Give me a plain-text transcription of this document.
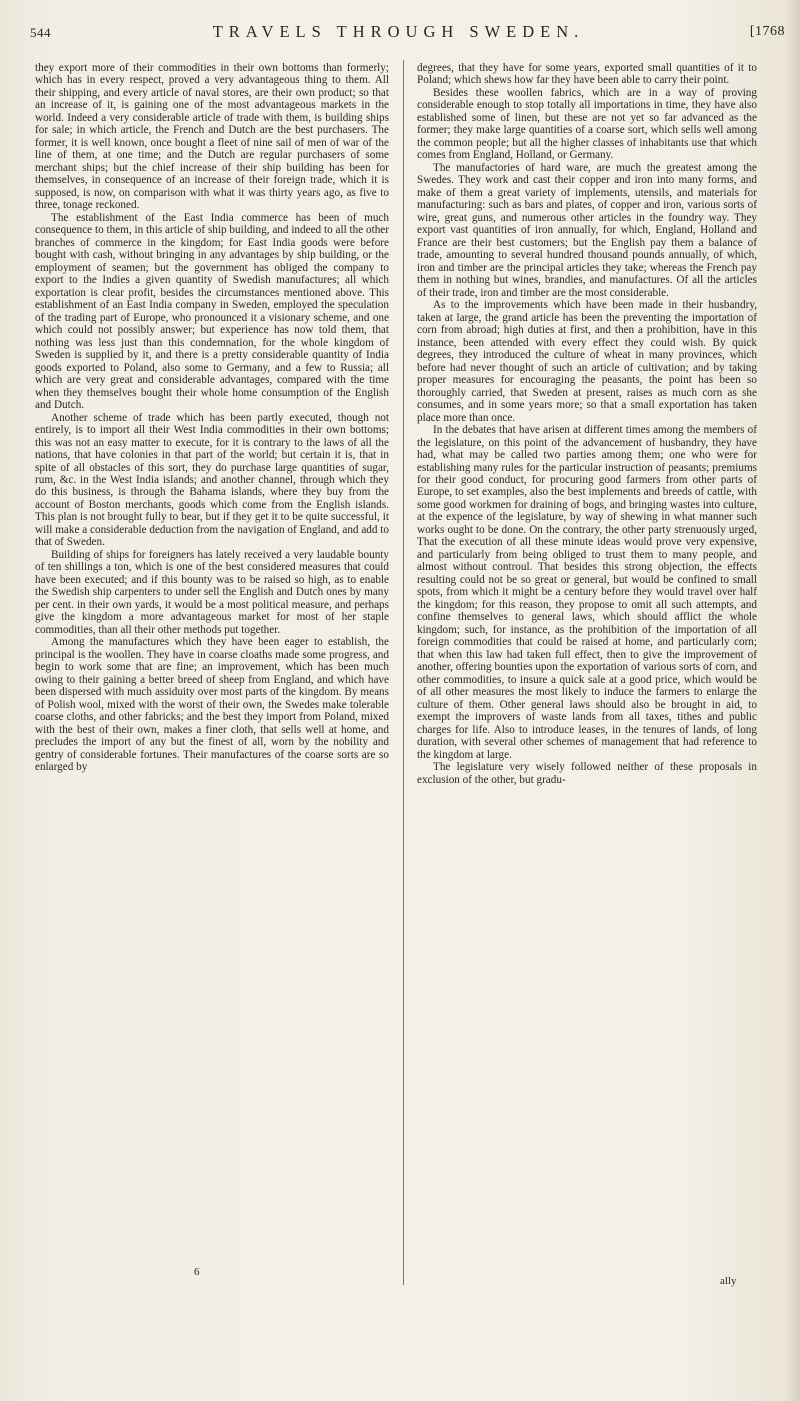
544	TRAVELS THROUGH SWEDEN.	[1768

they export more of their commodities in their own bottoms than formerly; which has in every respect, proved a very advantageous thing to them. All their shipping, and every article of naval stores, are their own product; so that an increase of it, is gaining one of the most advantageous markets in the world. Indeed a very considerable article of trade with them, is building ships for sale; in which article, the French and Dutch are the best purchasers. The former, it is well known, once bought a fleet of nine sail of men of war of the line of them, at one time; and the Dutch are regular purchasers of some merchant ships; but the chief increase of their ship building has been for themselves, in consequence of an increase of their foreign trade, which it is supposed, is now, on comparison with what it was thirty years ago, as five to three, tonage reckoned.

The establishment of the East India commerce has been of much consequence to them, in this article of ship building, and indeed to all the other branches of commerce in the kingdom; for East India goods were before bought with cash, without bringing in any advantages by ship building, or the employment of seamen; but the government has obliged the company to export to the Indies a given quantity of Swedish manufactures; all which exportation is clear profit, besides the circumstances mentioned above. This establishment of an East India company in Sweden, employed the speculation of the trading part of Europe, who pronounced it a visionary scheme, and one which could not possibly answer; but experience has now told them, that nothing was less just than this condemnation, for the whole kingdom of Sweden is supplied by it, and there is a pretty considerable quantity of India goods exported to Poland, also some to Germany, and a few to Russia; all which are very great and considerable advantages, compared with the time when they themselves bought their whole home consumption of the English and Dutch.

Another scheme of trade which has been partly executed, though not entirely, is to import all their West India commodities in their own bottoms; this was not an easy matter to execute, for it is contrary to the laws of all the nations, that have colonies in that part of the world; but certain it is, that in spite of all obstacles of this sort, they do purchase large quantities of sugar, rum, &c. in the West India islands; and another channel, through which they do this business, is through the Bahama islands, where they buy from the account of Boston merchants, goods which come from the English islands. This plan is not brought fully to bear, but if they get it to be quite successful, it will make a considerable deduction from the navigation of England, and add to that of Sweden.

Building of ships for foreigners has lately received a very laudable bounty of ten shillings a ton, which is one of the best considered measures that could have been executed; and if this bounty was to be raised so high, as to enable the Swedish ship carpenters to under sell the English and Dutch ones by many per cent. in their own yards, it would be a most political measure, and perhaps give the kingdom a more advantageous market for most of her staple commodities, than all their other methods put together.

Among the manufactures which they have been eager to establish, the principal is the woollen. They have in coarse cloaths made some progress, and begin to work some that are fine; an improvement, which has been much owing to their gaining a better breed of sheep from England, and which have been dispersed with much assiduity over most parts of the kingdom. By means of Polish wool, mixed with the worst of their own, the Swedes make tolerable coarse cloths, and other fabricks; and the best they import from Poland, mixed with the best of their own, makes a finer cloth, that sells well at home, and precludes the import of any but the finest of all, worn by the nobility and gentry of considerable fortunes. Their manufactures of the coarse sorts are so enlarged by

degrees, that they have for some years, exported small quantities of it to Poland; which shews how far they have been able to carry their point.

Besides these woollen fabrics, which are in a way of proving considerable enough to stop totally all importations in time, they have also established some of linen, but these are not yet so far advanced as the former; they make large quantities of a coarse sort, which sells well among the common people; but all the higher classes of inhabitants use that which comes from England, Holland, or Germany.

The manufactories of hard ware, are much the greatest among the Swedes. They work and cast their copper and iron into many forms, and make of them a great variety of implements, utensils, and materials for manufacturing: such as bars and plates, of copper and iron, various sorts of wire, great guns, and numerous other articles in the foundry way. They export vast quantities of iron annually, for which, England, Holland and France are their best customers; but the English pay them a balance of trade, amounting to several hundred thousand pounds annually, of which, iron and timber are the principal articles they take; whereas the French pay them in nothing but wines, brandies, and manufactures. Of all the articles of their trade, iron and timber are the most considerable.

As to the improvements which have been made in their husbandry, taken at large, the grand article has been the preventing the importation of corn from abroad; high duties at first, and then a prohibition, have in this instance, been attended with every effect they could wish. By quick degrees, they introduced the culture of wheat in many provinces, which before had never thought of such an article of cultivation; and by taking proper measures for encouraging the peasants, the point has been so thoroughly carried, that Sweden at present, raises as much corn as she consumes, and in some years more; so that a small exportation has taken place more than once.

In the debates that have arisen at different times among the members of the legislature, on this point of the advancement of husbandry, they have had, what may be called two parties among them; one who were for establishing many rules for the particular instruction of peasants; premiums for their good conduct, for procuring good farmers from other parts of Europe, to set examples, also the best implements and breeds of cattle, with some good workmen for draining of bogs, and bringing wastes into culture, at the expence of the legislature, by way of shewing in what manner such works ought to be done. On the contrary, the other party strenuously urged, That the execution of all these minute ideas would prove very expensive, and particularly from being obliged to trust them to many people, and almost without controul. That besides this strong objection, the effects resulting could not be so great or general, but would be confined to small spots, from which it might be a century before they would travel over half the kingdom; for this reason, they propose to omit all such attempts, and confine themselves to general laws, which should afflict the whole kingdom; such, for instance, as the prohibition of the importation of all foreign commodities that could be raised at home, and particularly corn; that when this law had taken full effect, then to give the improvement of another, offering bounties upon the exportation of various sorts of corn, and other commodities, to insure a quick sale at a good price, which would be of all other measures the most likely to induce the farmers to enlarge the culture of them. Other general laws should also be brought in aid, to exempt the improvers of waste lands from all taxes, tithes and public charges for life. Also to introduce leases, in the tenures of lands, of long duration, with several other schemes of management that had reference to the kingdom at large.

The legislature very wisely followed neither of these proposals in exclusion of the other, but gradu-

6
ally
